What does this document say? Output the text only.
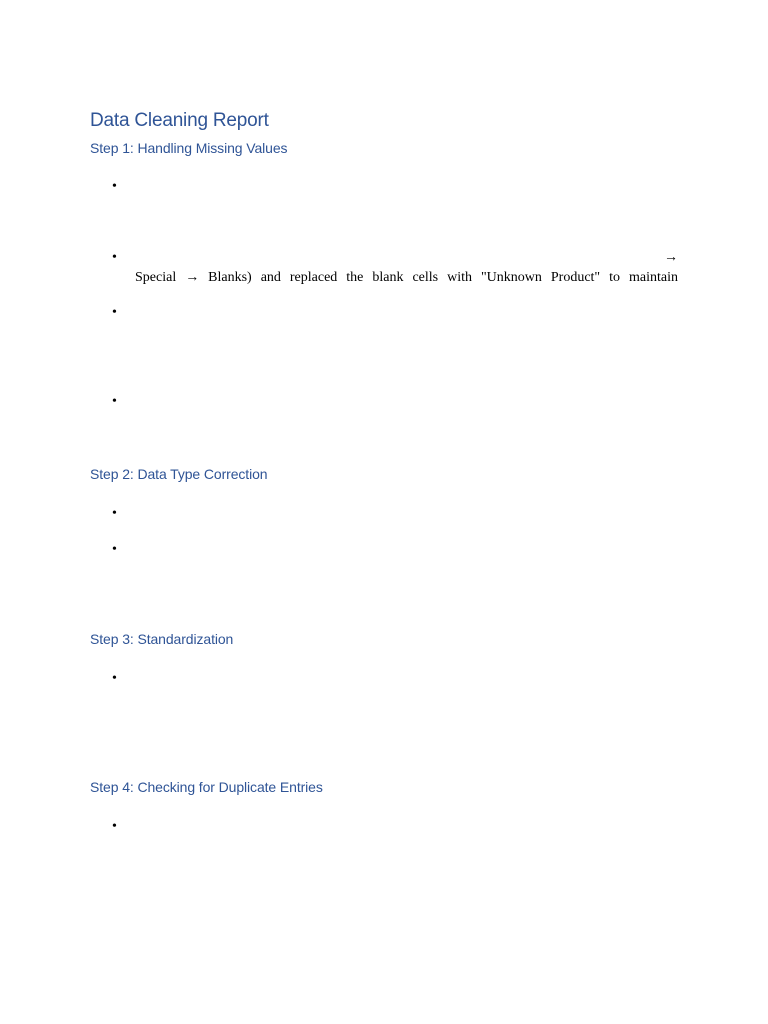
Data Cleaning Report
Step 1: Handling Missing Values
•
•	→
Special → Blanks) and replaced the blank cells with "Unknown Product" to maintain
•
•
Step 2: Data Type Correction
•
•
Step 3: Standardization
•
Step 4: Checking for Duplicate Entries
•
